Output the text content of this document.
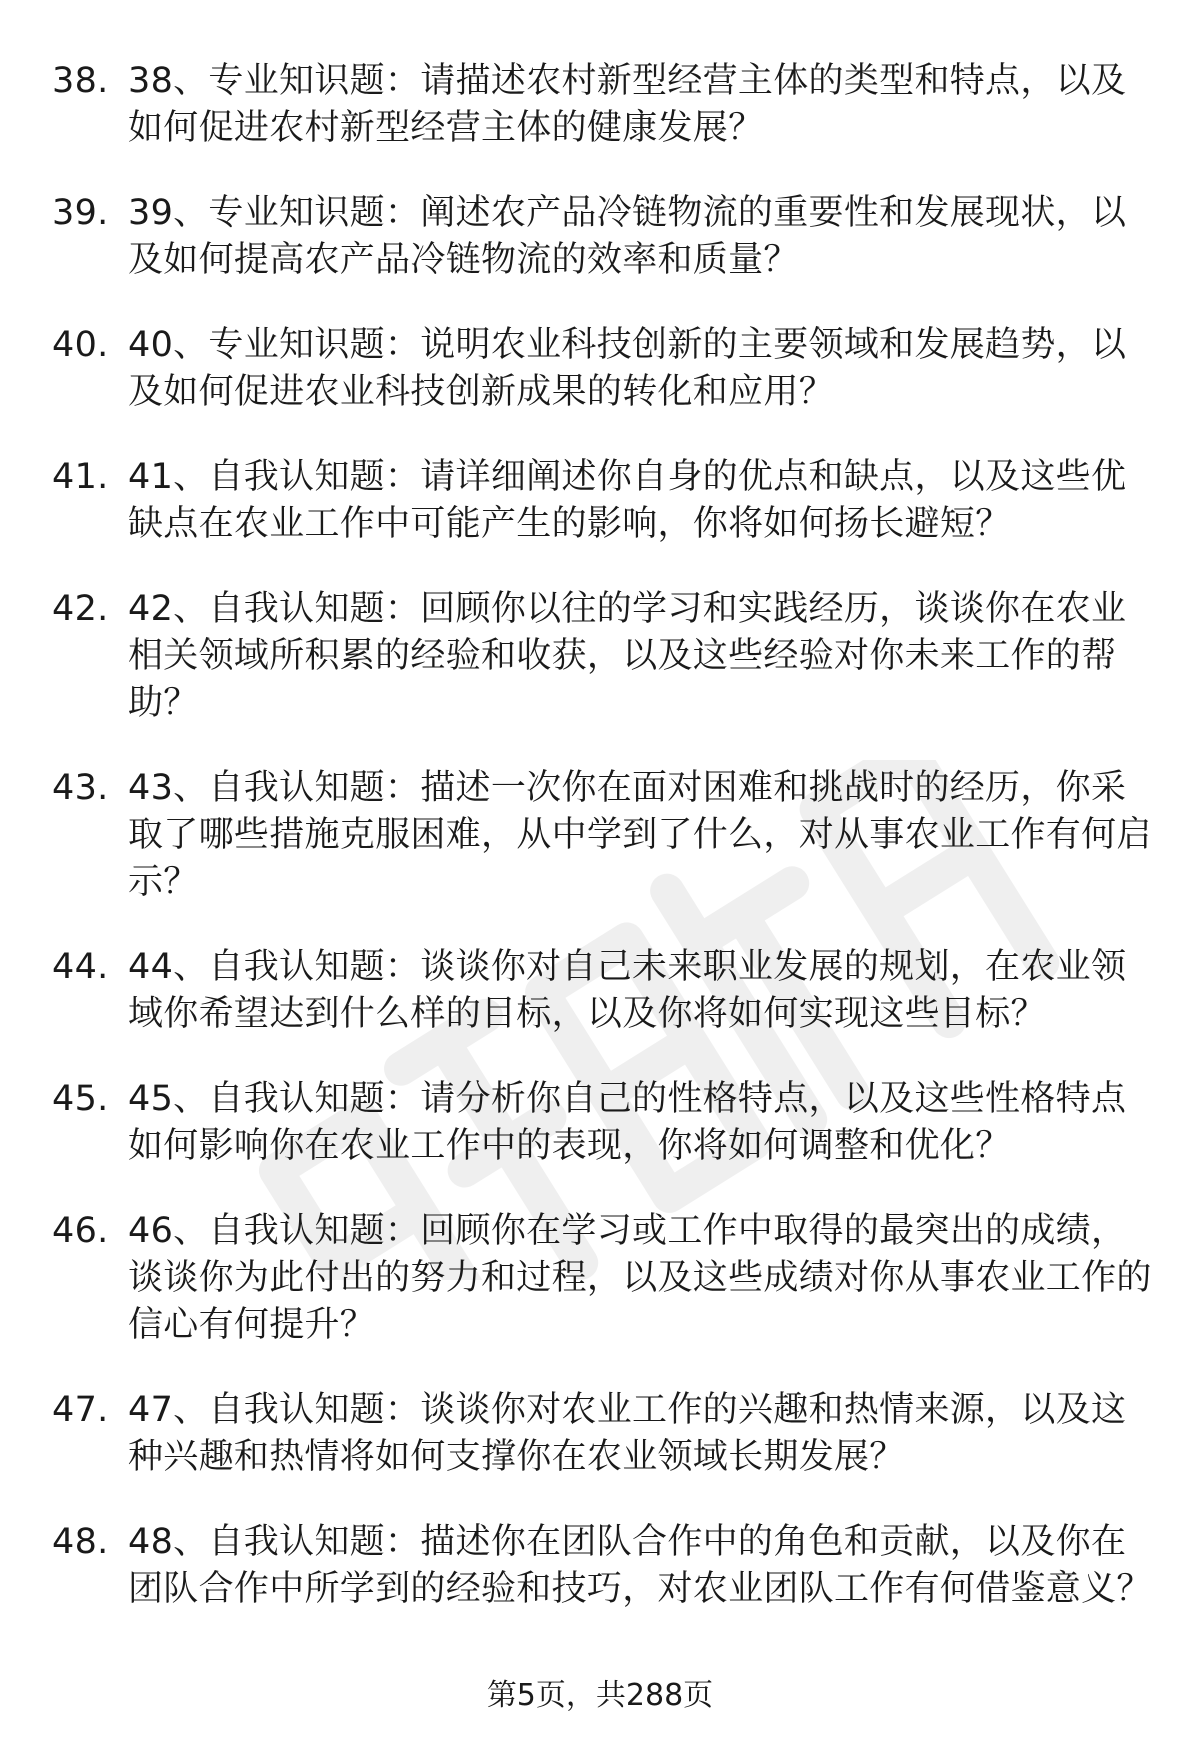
38. 38、专业知识题：请描述农村新型经营主体的类型和特点，以及如何促进农村新型经营主体的健康发展？
39. 39、专业知识题：阐述农产品冷链物流的重要性和发展现状，以及如何提高农产品冷链物流的效率和质量？
40. 40、专业知识题：说明农业科技创新的主要领域和发展趋势，以及如何促进农业科技创新成果的转化和应用？
41. 41、自我认知题：请详细阐述你自身的优点和缺点，以及这些优缺点在农业工作中可能产生的影响，你将如何扬长避短？
42. 42、自我认知题：回顾你以往的学习和实践经历，谈谈你在农业相关领域所积累的经验和收获，以及这些经验对你未来工作的帮助？
43. 43、自我认知题：描述一次你在面对困难和挑战时的经历，你采取了哪些措施克服困难，从中学到了什么，对从事农业工作有何启示？
44. 44、自我认知题：谈谈你对自己未来职业发展的规划，在农业领域你希望达到什么样的目标，以及你将如何实现这些目标？
45. 45、自我认知题：请分析你自己的性格特点，以及这些性格特点如何影响你在农业工作中的表现，你将如何调整和优化？
46. 46、自我认知题：回顾你在学习或工作中取得的最突出的成绩，谈谈你为此付出的努力和过程，以及这些成绩对你从事农业工作的信心有何提升？
47. 47、自我认知题：谈谈你对农业工作的兴趣和热情来源，以及这种兴趣和热情将如何支撑你在农业领域长期发展？
48. 48、自我认知题：描述你在团队合作中的角色和贡献，以及你在团队合作中所学到的经验和技巧，对农业团队工作有何借鉴意义？
第5页，共288页
